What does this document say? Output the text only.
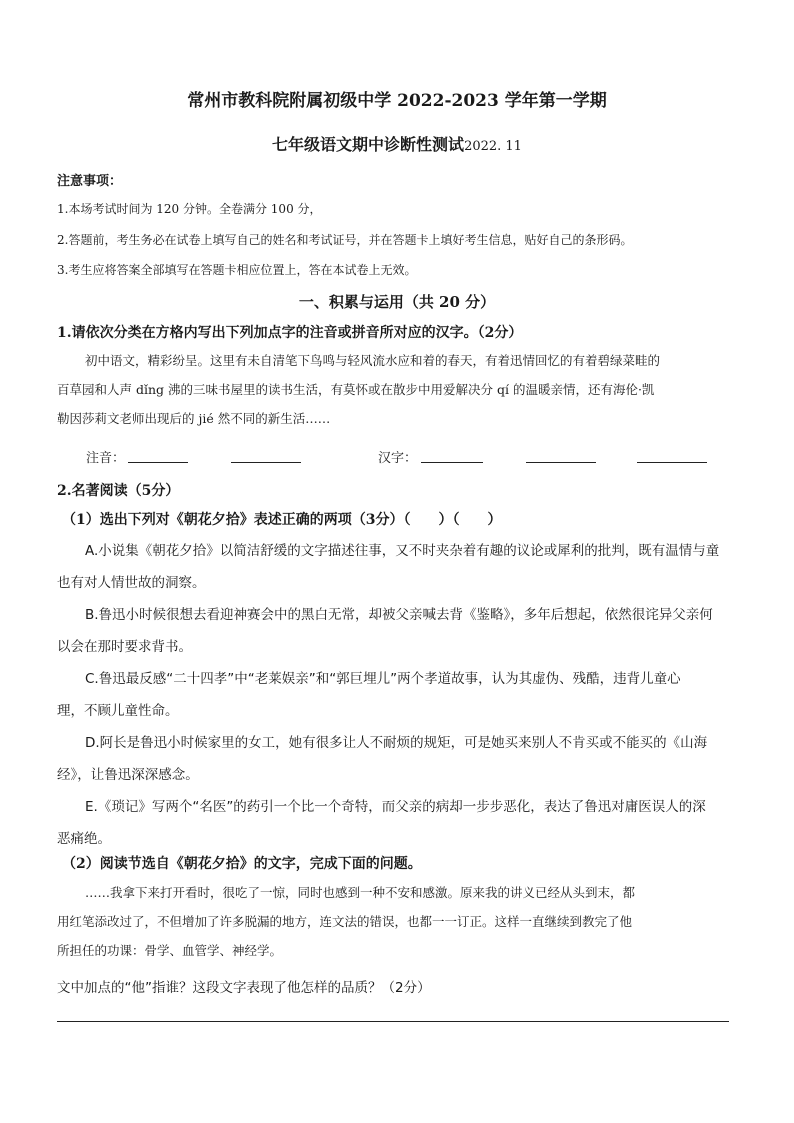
常州市教科院附属初级中学 2022-2023 学年第一学期
七年级语文期中诊断性测试2022. 11
注意事项：
1.本场考试时间为 120 分钟。全卷满分 100 分，
2.答题前，考生务必在试卷上填写自己的姓名和考试证号，并在答题卡上填好考生信息，贴好自己的条形码。
3.考生应将答案全部填写在答题卡相应位置上，答在本试卷上无效。
一、积累与运用（共 20 分）
1.请依次分类在方格内写出下列加点字的注音或拼音所对应的汉字。（2分）

初中语文，精彩纷呈。这里有未自清笔下鸟鸣与轻风流水应和着的春天，有着迅情回忆的有着碧绿菜畦的

百草园和人声 dǐng 沸的三味书屋里的读书生活，有莫怀或在散步中用爱解决分 qí 的温暖亲情，还有海伦·凯

勒因莎莉文老师出现后的 jié 然不同的新生活……

注音：	汉字：
2.名著阅读（5分）
（1）选出下列对《朝花夕拾》表述正确的两项（3分）（　　）（　　）

A.小说集《朝花夕拾》以简洁舒缓的文字描述往事，又不时夹杂着有趣的议论或犀利的批判，既有温情与童

也有对人情世故的洞察。

B.鲁迅小时候很想去看迎神赛会中的黑白无常，却被父亲喊去背《鉴略》，多年后想起，依然很诧异父亲何

以会在那时要求背书。

C.鲁迅最反感“二十四孝”中“老莱娱亲”和“郭巨埋儿”两个孝道故事，认为其虚伪、残酷，违背儿童心

理，不顾儿童性命。

D.阿长是鲁迅小时候家里的女工，她有很多让人不耐烦的规矩，可是她买来别人不肯买或不能买的《山海

经》，让鲁迅深深感念。

E.《琐记》写两个“名医”的药引一个比一个奇特，而父亲的病却一步步恶化，表达了鲁迅对庸医误人的深

恶痛绝。

（2）阅读节选自《朝花夕拾》的文字，完成下面的问题。

……我拿下来打开看时，很吃了一惊，同时也感到一种不安和感激。原来我的讲义已经从头到末，都

用红笔添改过了，不但增加了许多脱漏的地方，连文法的错误，也都一一订正。这样一直继续到教完了他

所担任的功课：骨学、血管学、神经学。

文中加点的“他”指谁？这段文字表现了他怎样的品质？（2分）
